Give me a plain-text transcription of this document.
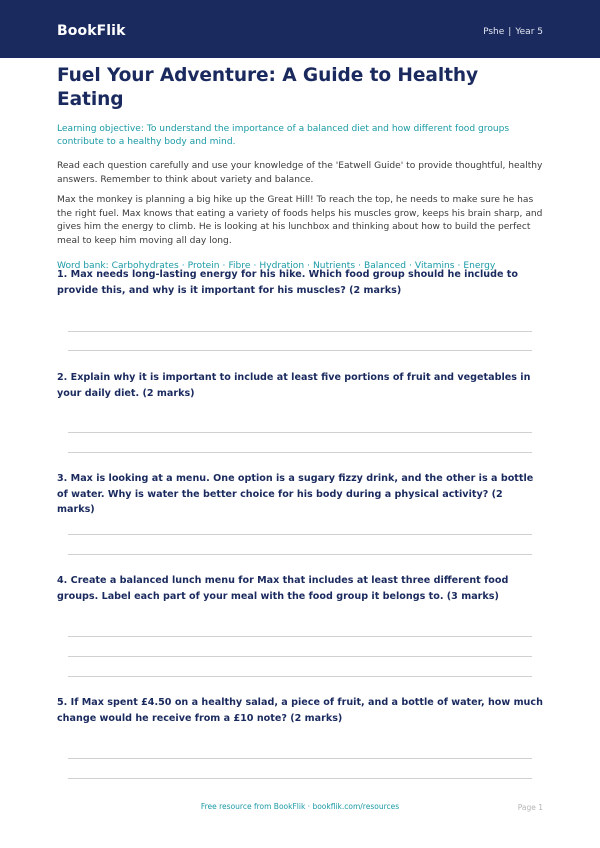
BookFlik	Pshe | Year 5
Fuel Your Adventure: A Guide to Healthy Eating
Learning objective: To understand the importance of a balanced diet and how different food groups contribute to a healthy body and mind.
Read each question carefully and use your knowledge of the 'Eatwell Guide' to provide thoughtful, healthy answers. Remember to think about variety and balance.
Max the monkey is planning a big hike up the Great Hill! To reach the top, he needs to make sure he has the right fuel. Max knows that eating a variety of foods helps his muscles grow, keeps his brain sharp, and gives him the energy to climb. He is looking at his lunchbox and thinking about how to build the perfect meal to keep him moving all day long.
Word bank: Carbohydrates · Protein · Fibre · Hydration · Nutrients · Balanced · Vitamins · Energy
1. Max needs long-lasting energy for his hike. Which food group should he include to provide this, and why is it important for his muscles? (2 marks)
2. Explain why it is important to include at least five portions of fruit and vegetables in your daily diet. (2 marks)
3. Max is looking at a menu. One option is a sugary fizzy drink, and the other is a bottle of water. Why is water the better choice for his body during a physical activity? (2 marks)
4. Create a balanced lunch menu for Max that includes at least three different food groups. Label each part of your meal with the food group it belongs to. (3 marks)
5. If Max spent £4.50 on a healthy salad, a piece of fruit, and a bottle of water, how much change would he receive from a £10 note? (2 marks)
Free resource from BookFlik · bookflik.com/resources	Page 1
